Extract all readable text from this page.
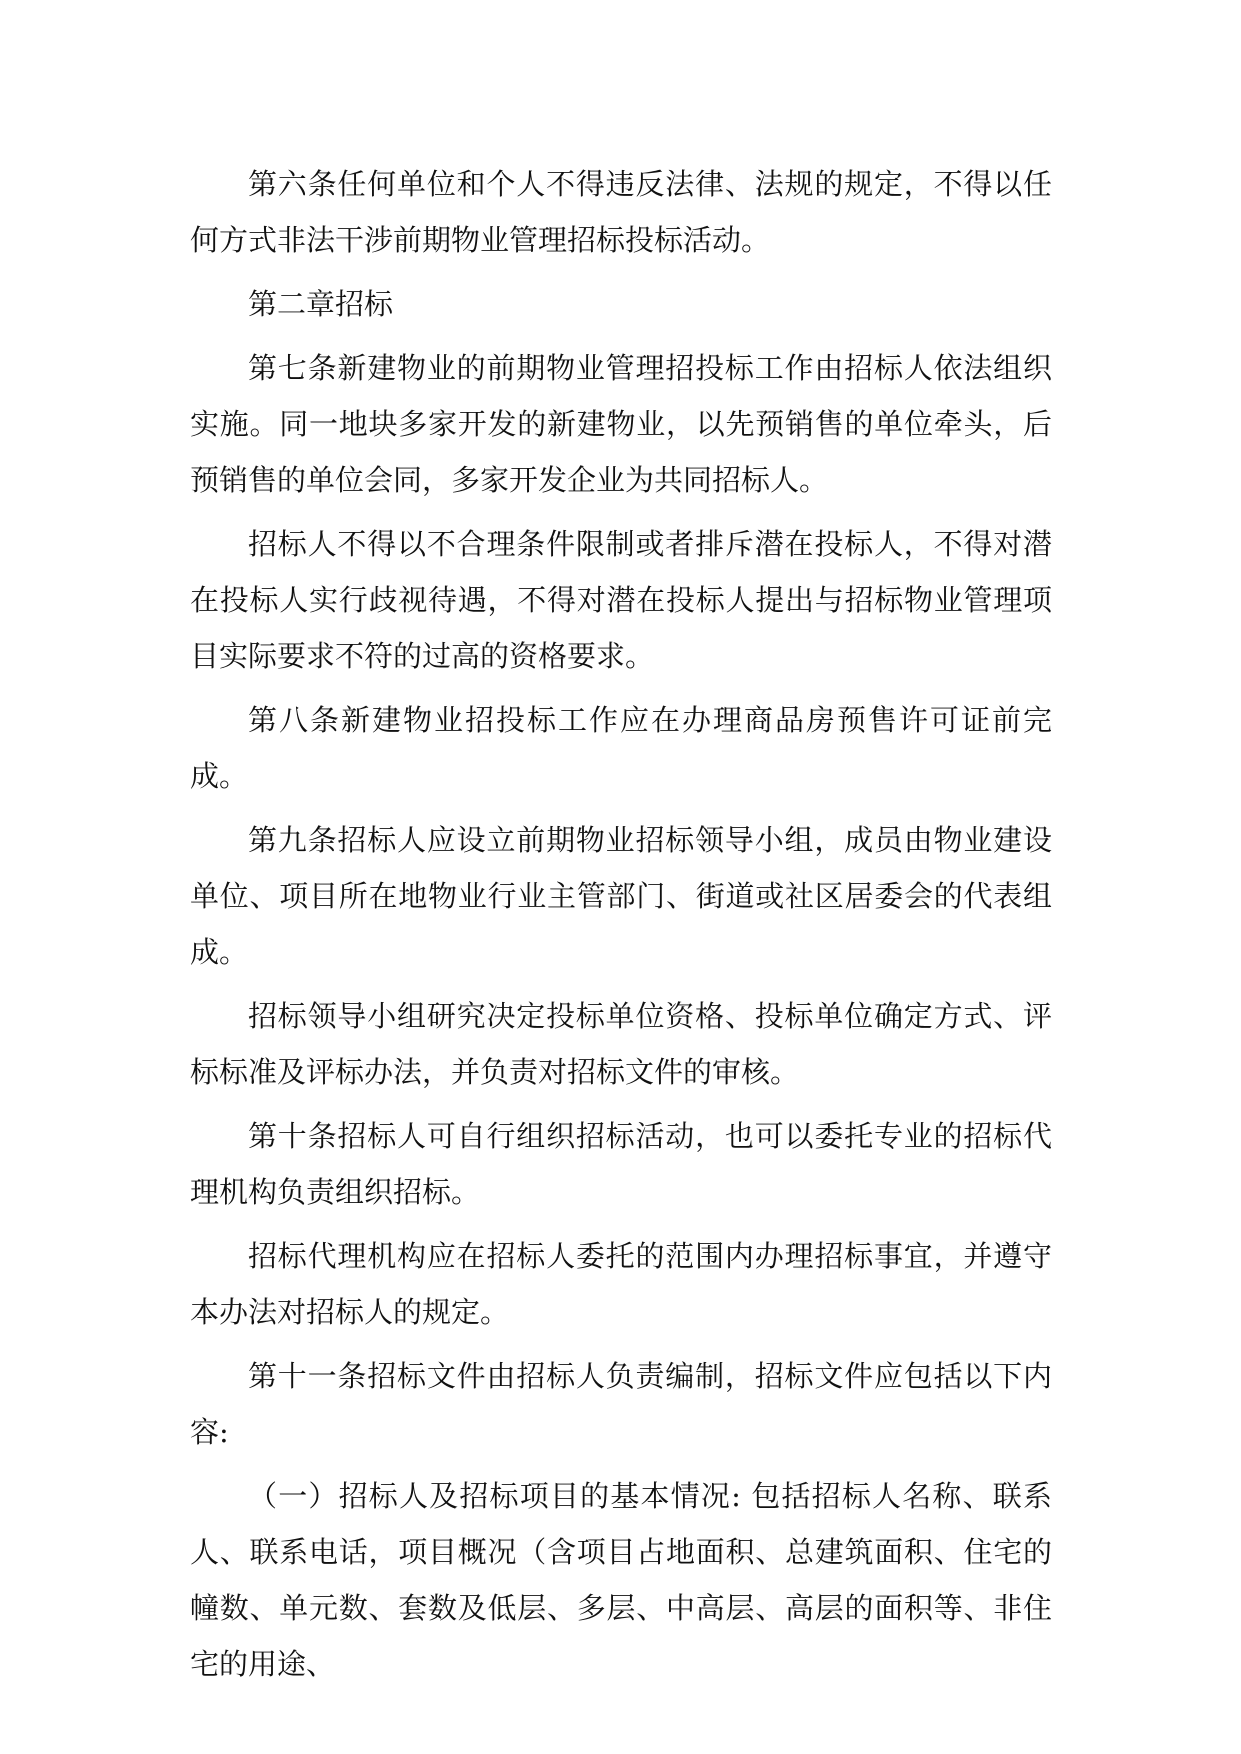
第六条任何单位和个人不得违反法律、法规的规定，不得以任何方式非法干涉前期物业管理招标投标活动。

第二章招标

第七条新建物业的前期物业管理招投标工作由招标人依法组织实施。同一地块多家开发的新建物业，以先预销售的单位牵头，后预销售的单位会同，多家开发企业为共同招标人。

招标人不得以不合理条件限制或者排斥潜在投标人，不得对潜在投标人实行歧视待遇，不得对潜在投标人提出与招标物业管理项目实际要求不符的过高的资格要求。

第八条新建物业招投标工作应在办理商品房预售许可证前完成。

第九条招标人应设立前期物业招标领导小组，成员由物业建设单位、项目所在地物业行业主管部门、街道或社区居委会的代表组成。

招标领导小组研究决定投标单位资格、投标单位确定方式、评标标准及评标办法，并负责对招标文件的审核。

第十条招标人可自行组织招标活动，也可以委托专业的招标代理机构负责组织招标。

招标代理机构应在招标人委托的范围内办理招标事宜，并遵守本办法对招标人的规定。

第十一条招标文件由招标人负责编制，招标文件应包括以下内容:

（一）招标人及招标项目的基本情况: 包括招标人名称、联系人、联系电话，项目概况（含项目占地面积、总建筑面积、住宅的幢数、单元数、套数及低层、多层、中高层、高层的面积等、非住宅的用途、
